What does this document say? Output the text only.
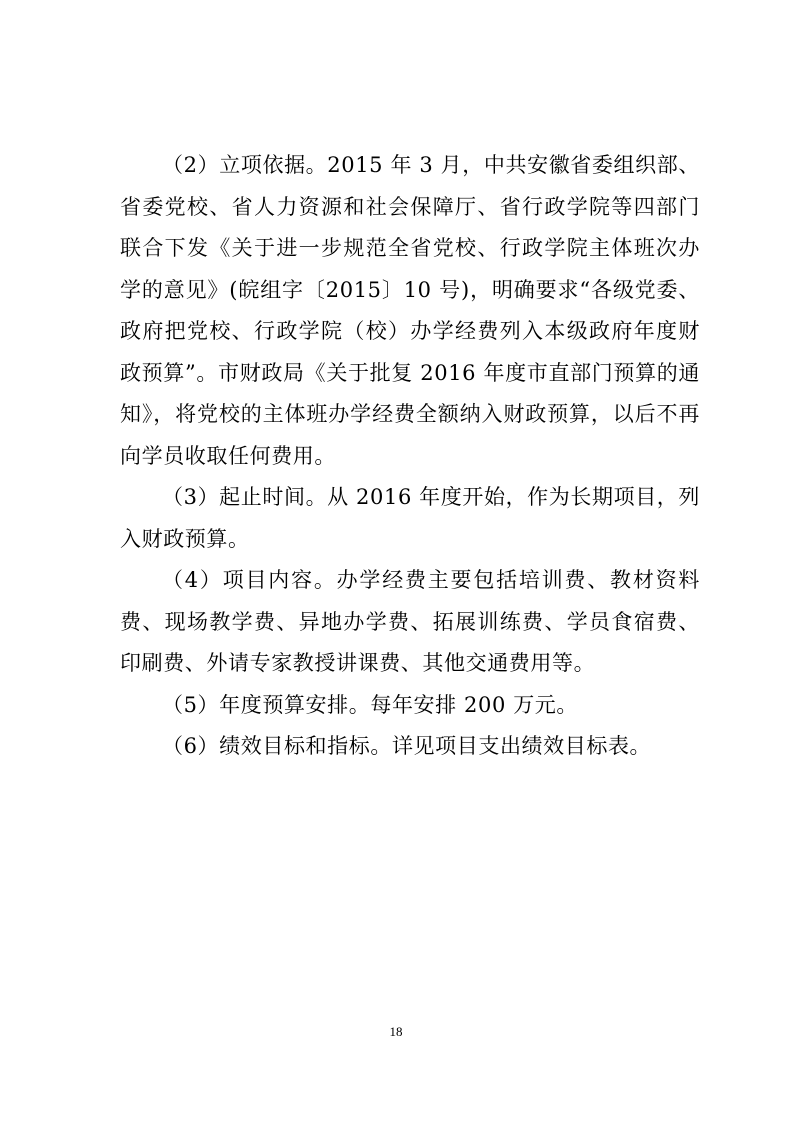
（2）立项依据。2015 年 3 月，中共安徽省委组织部、省委党校、省人力资源和社会保障厅、省行政学院等四部门联合下发《关于进一步规范全省党校、行政学院主体班次办学的意见》(皖组字〔2015〕10 号)，明确要求“各级党委、政府把党校、行政学院（校）办学经费列入本级政府年度财政预算”。市财政局《关于批复 2016 年度市直部门预算的通知》，将党校的主体班办学经费全额纳入财政预算，以后不再向学员收取任何费用。

（3）起止时间。从 2016 年度开始，作为长期项目，列入财政预算。

（4）项目内容。办学经费主要包括培训费、教材资料费、现场教学费、异地办学费、拓展训练费、学员食宿费、印刷费、外请专家教授讲课费、其他交通费用等。

（5）年度预算安排。每年安排 200 万元。

（6）绩效目标和指标。详见项目支出绩效目标表。

18
